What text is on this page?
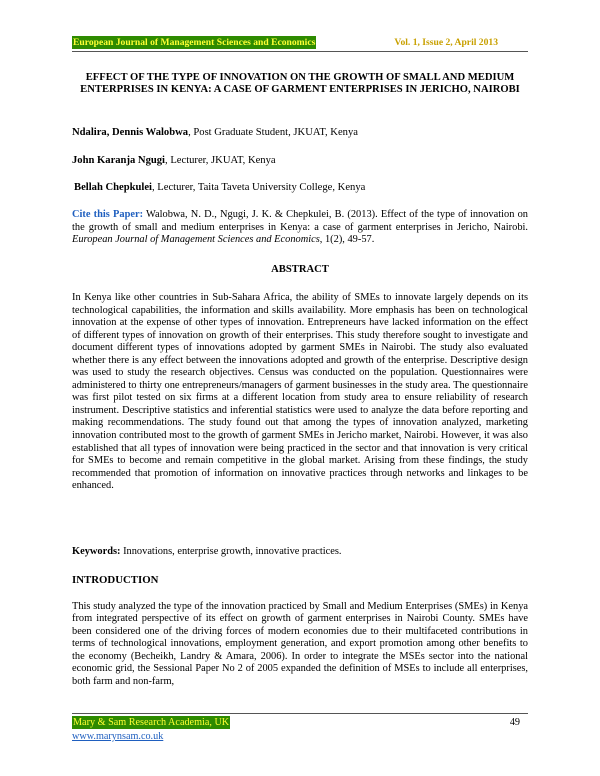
European Journal of Management Sciences and Economics	Vol. 1, Issue 2, April 2013
EFFECT OF THE TYPE OF INNOVATION ON THE GROWTH OF SMALL AND MEDIUM ENTERPRISES IN KENYA: A CASE OF GARMENT ENTERPRISES IN JERICHO, NAIROBI
Ndalira, Dennis Walobwa, Post Graduate Student, JKUAT, Kenya
John Karanja Ngugi, Lecturer, JKUAT, Kenya
Bellah Chepkulei, Lecturer, Taita Taveta University College, Kenya
Cite this Paper: Walobwa, N. D., Ngugi, J. K. & Chepkulei, B. (2013). Effect of the type of innovation on the growth of small and medium enterprises in Kenya: a case of garment enterprises in Jericho, Nairobi. European Journal of Management Sciences and Economics, 1(2), 49-57.
ABSTRACT
In Kenya like other countries in Sub-Sahara Africa, the ability of SMEs to innovate largely depends on its technological capabilities, the information and skills availability. More emphasis has been on technological innovation at the expense of other types of innovation. Entrepreneurs have lacked information on the effect of different types of innovation on growth of their enterprises. This study therefore sought to investigate and document different types of innovations adopted by garment SMEs in Nairobi. The study also evaluated whether there is any effect between the innovations adopted and growth of the enterprise. Descriptive design was used to study the research objectives. Census was conducted on the population. Questionnaires were administered to thirty one entrepreneurs/managers of garment businesses in the study area. The questionnaire was first pilot tested on six firms at a different location from study area to ensure reliability of research instrument. Descriptive statistics and inferential statistics were used to analyze the data before reporting and making recommendations. The study found out that among the types of innovation analyzed, marketing innovation contributed most to the growth of garment SMEs in Jericho market, Nairobi. However, it was also established that all types of innovation were being practiced in the sector and that innovation is very critical for SMEs to become and remain competitive in the global market. Arising from these findings, the study recommended that promotion of information on innovative practices through networks and linkages to be enhanced.
Keywords: Innovations, enterprise growth, innovative practices.
INTRODUCTION
This study analyzed the type of the innovation practiced by Small and Medium Enterprises (SMEs) in Kenya from integrated perspective of its effect on growth of garment enterprises in Nairobi County. SMEs have been considered one of the driving forces of modern economies due to their multifaceted contributions in terms of technological innovations, employment generation, and export promotion among other benefits to the economy (Becheikh, Landry & Amara, 2006). In order to integrate the MSEs sector into the national economic grid, the Sessional Paper No 2 of 2005 expanded the definition of MSEs to include all enterprises, both farm and non-farm,
Mary & Sam Research Academia, UK	49
www.marynsam.co.uk
